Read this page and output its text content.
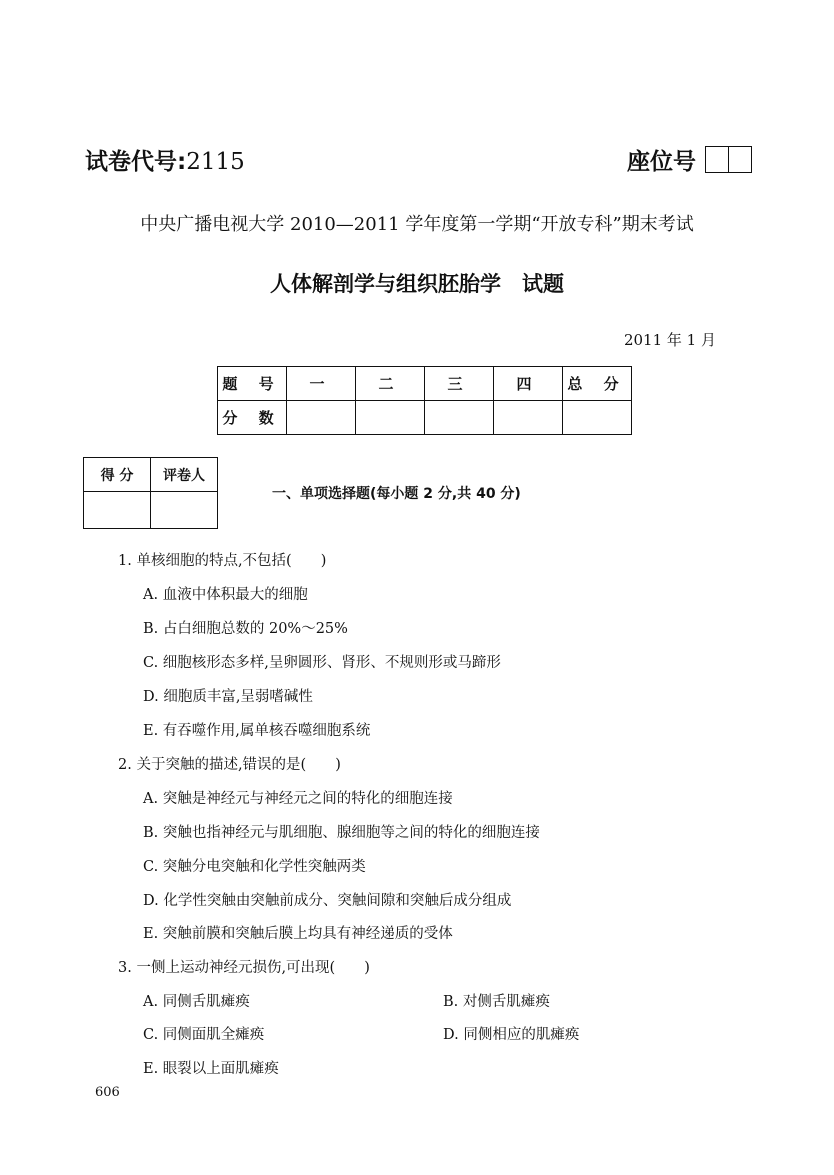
试卷代号:2115	座位号
中央广播电视大学 2010—2011 学年度第一学期“开放专科”期末考试
人体解剖学与组织胚胎学　试题
2011 年 1 月
题 号	一	二	三	四	总 分
分 数					
得 分	评卷人

一、单项选择题(每小题 2 分,共 40 分)
1. 单核细胞的特点,不包括(　　)
A. 血液中体积最大的细胞
B. 占白细胞总数的 20%～25%
C. 细胞核形态多样,呈卵圆形、肾形、不规则形或马蹄形
D. 细胞质丰富,呈弱嗜碱性
E. 有吞噬作用,属单核吞噬细胞系统
2. 关于突触的描述,错误的是(　　)
A. 突触是神经元与神经元之间的特化的细胞连接
B. 突触也指神经元与肌细胞、腺细胞等之间的特化的细胞连接
C. 突触分电突触和化学性突触两类
D. 化学性突触由突触前成分、突触间隙和突触后成分组成
E. 突触前膜和突触后膜上均具有神经递质的受体
3. 一侧上运动神经元损伤,可出现(　　)
A. 同侧舌肌瘫痪	B. 对侧舌肌瘫痪
C. 同侧面肌全瘫痪	D. 同侧相应的肌瘫痪
E. 眼裂以上面肌瘫痪
606
